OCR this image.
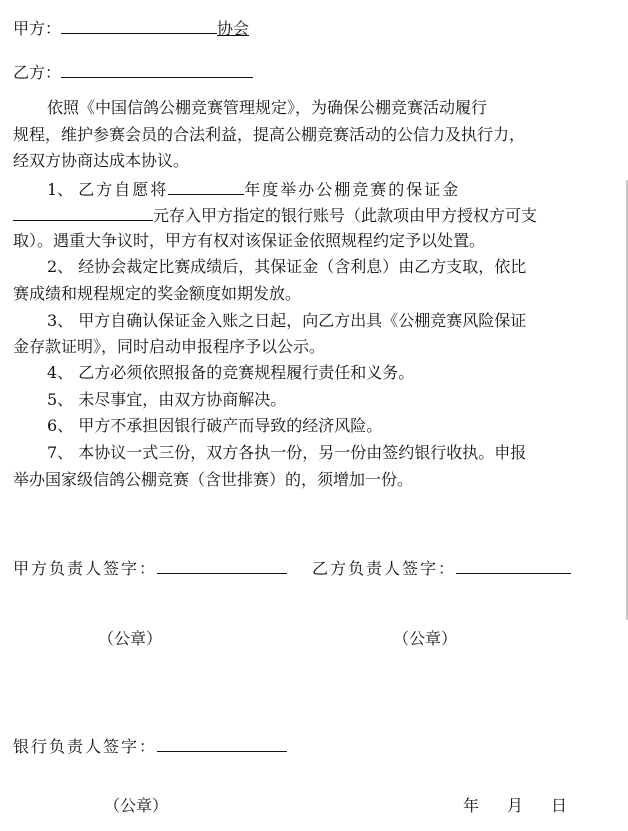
甲方：	协会
乙方：
依照《中国信鸽公棚竞赛管理规定》，为确保公棚竞赛活动履行
规程，维护参赛会员的合法利益，提高公棚竞赛活动的公信力及执行力，
经双方协商达成本协议。
1、 乙方自愿将	年度举办公棚竞赛的保证金
元存入甲方指定的银行账号（此款项由甲方授权方可支
取）。遇重大争议时，甲方有权对该保证金依照规程约定予以处置。
2、 经协会裁定比赛成绩后，其保证金（含利息）由乙方支取，依比
赛成绩和规程规定的奖金额度如期发放。
3、 甲方自确认保证金入账之日起，向乙方出具《公棚竞赛风险保证
金存款证明》，同时启动申报程序予以公示。
4、 乙方必须依照报备的竞赛规程履行责任和义务。
5、 未尽事宜，由双方协商解决。
6、 甲方不承担因银行破产而导致的经济风险。
7、 本协议一式三份，双方各执一份，另一份由签约银行收执。申报
举办国家级信鸽公棚竞赛（含世排赛）的，须增加一份。
甲方负责人签字：	乙方负责人签字：
（公章）	（公章）
银行负责人签字：
（公章）	年 月 日
